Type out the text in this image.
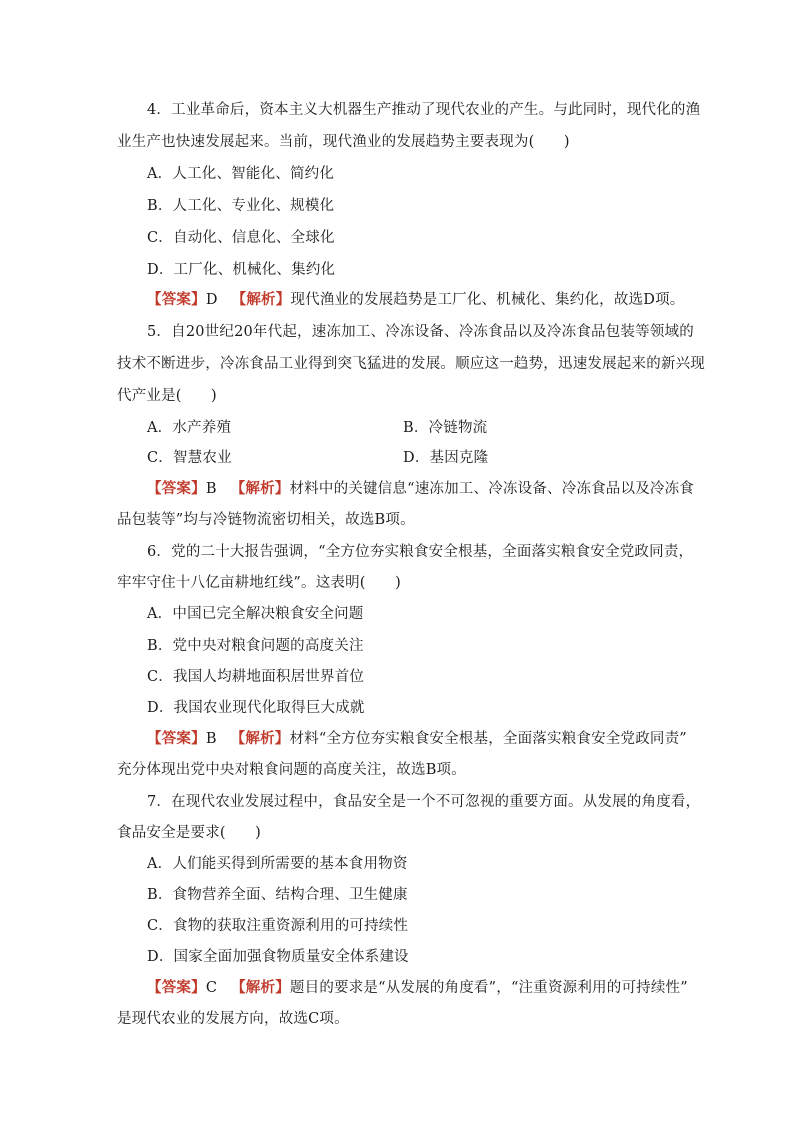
4．工业革命后，资本主义大机器生产推动了现代农业的产生。与此同时，现代化的渔
业生产也快速发展起来。当前，现代渔业的发展趋势主要表现为(　　)
A．人工化、智能化、简约化
B．人工化、专业化、规模化
C．自动化、信息化、全球化
D．工厂化、机械化、集约化
【答案】D 【解析】现代渔业的发展趋势是工厂化、机械化、集约化，故选D项。
5．自20世纪20年代起，速冻加工、冷冻设备、冷冻食品以及冷冻食品包装等领域的
技术不断进步，冷冻食品工业得到突飞猛进的发展。顺应这一趋势，迅速发展起来的新兴现
代产业是(　　)
A．水产养殖	B．冷链物流
C．智慧农业	D．基因克隆
【答案】B 【解析】材料中的关键信息“速冻加工、冷冻设备、冷冻食品以及冷冻食
品包装等”均与冷链物流密切相关，故选B项。
6．党的二十大报告强调，“全方位夯实粮食安全根基，全面落实粮食安全党政同责，
牢牢守住十八亿亩耕地红线”。这表明(　　)
A．中国已完全解决粮食安全问题
B．党中央对粮食问题的高度关注
C．我国人均耕地面积居世界首位
D．我国农业现代化取得巨大成就
【答案】B 【解析】材料“全方位夯实粮食安全根基，全面落实粮食安全党政同责”
充分体现出党中央对粮食问题的高度关注，故选B项。
7．在现代农业发展过程中，食品安全是一个不可忽视的重要方面。从发展的角度看，
食品安全是要求(　　)
A．人们能买得到所需要的基本食用物资
B．食物营养全面、结构合理、卫生健康
C．食物的获取注重资源利用的可持续性
D．国家全面加强食物质量安全体系建设
【答案】C 【解析】题目的要求是“从发展的角度看”，“注重资源利用的可持续性”
是现代农业的发展方向，故选C项。
